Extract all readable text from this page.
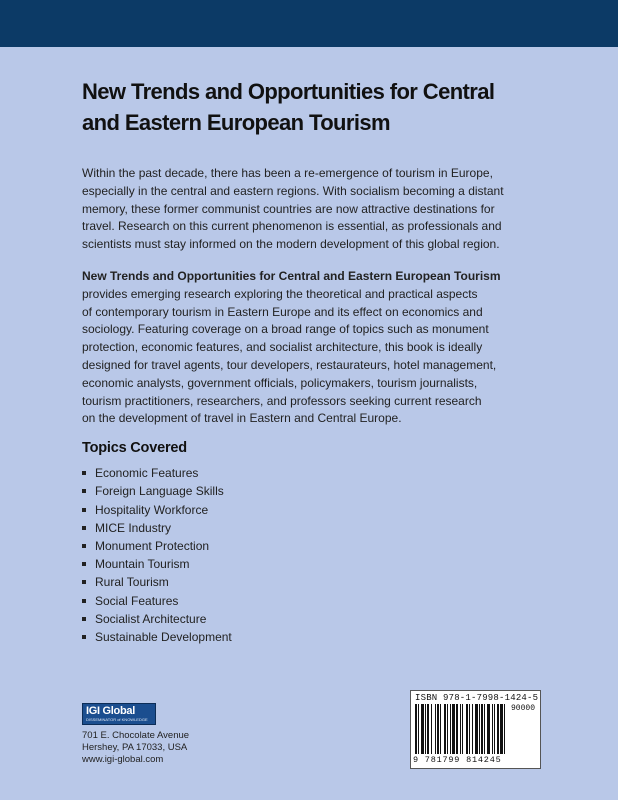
New Trends and Opportunities for Central
and Eastern European Tourism

Within the past decade, there has been a re-emergence of tourism in Europe,
especially in the central and eastern regions. With socialism becoming a distant
memory, these former communist countries are now attractive destinations for
travel. Research on this current phenomenon is essential, as professionals and
scientists must stay informed on the modern development of this global region.

New Trends and Opportunities for Central and Eastern European Tourism
provides emerging research exploring the theoretical and practical aspects
of contemporary tourism in Eastern Europe and its effect on economics and
sociology. Featuring coverage on a broad range of topics such as monument
protection, economic features, and socialist architecture, this book is ideally
designed for travel agents, tour developers, restaurateurs, hotel management,
economic analysts, government officials, policymakers, tourism journalists,
tourism practitioners, researchers, and professors seeking current research
on the development of travel in Eastern and Central Europe.

Topics Covered
Economic Features
Foreign Language Skills
Hospitality Workforce
MICE Industry
Monument Protection
Mountain Tourism
Rural Tourism
Social Features
Socialist Architecture
Sustainable Development
IGI Global
DISSEMINATOR of KNOWLEDGE
701 E. Chocolate Avenue
Hershey, PA 17033, USA
www.igi-global.com
ISBN 978-1-7998-1424-5
90000
9 781799 814245
